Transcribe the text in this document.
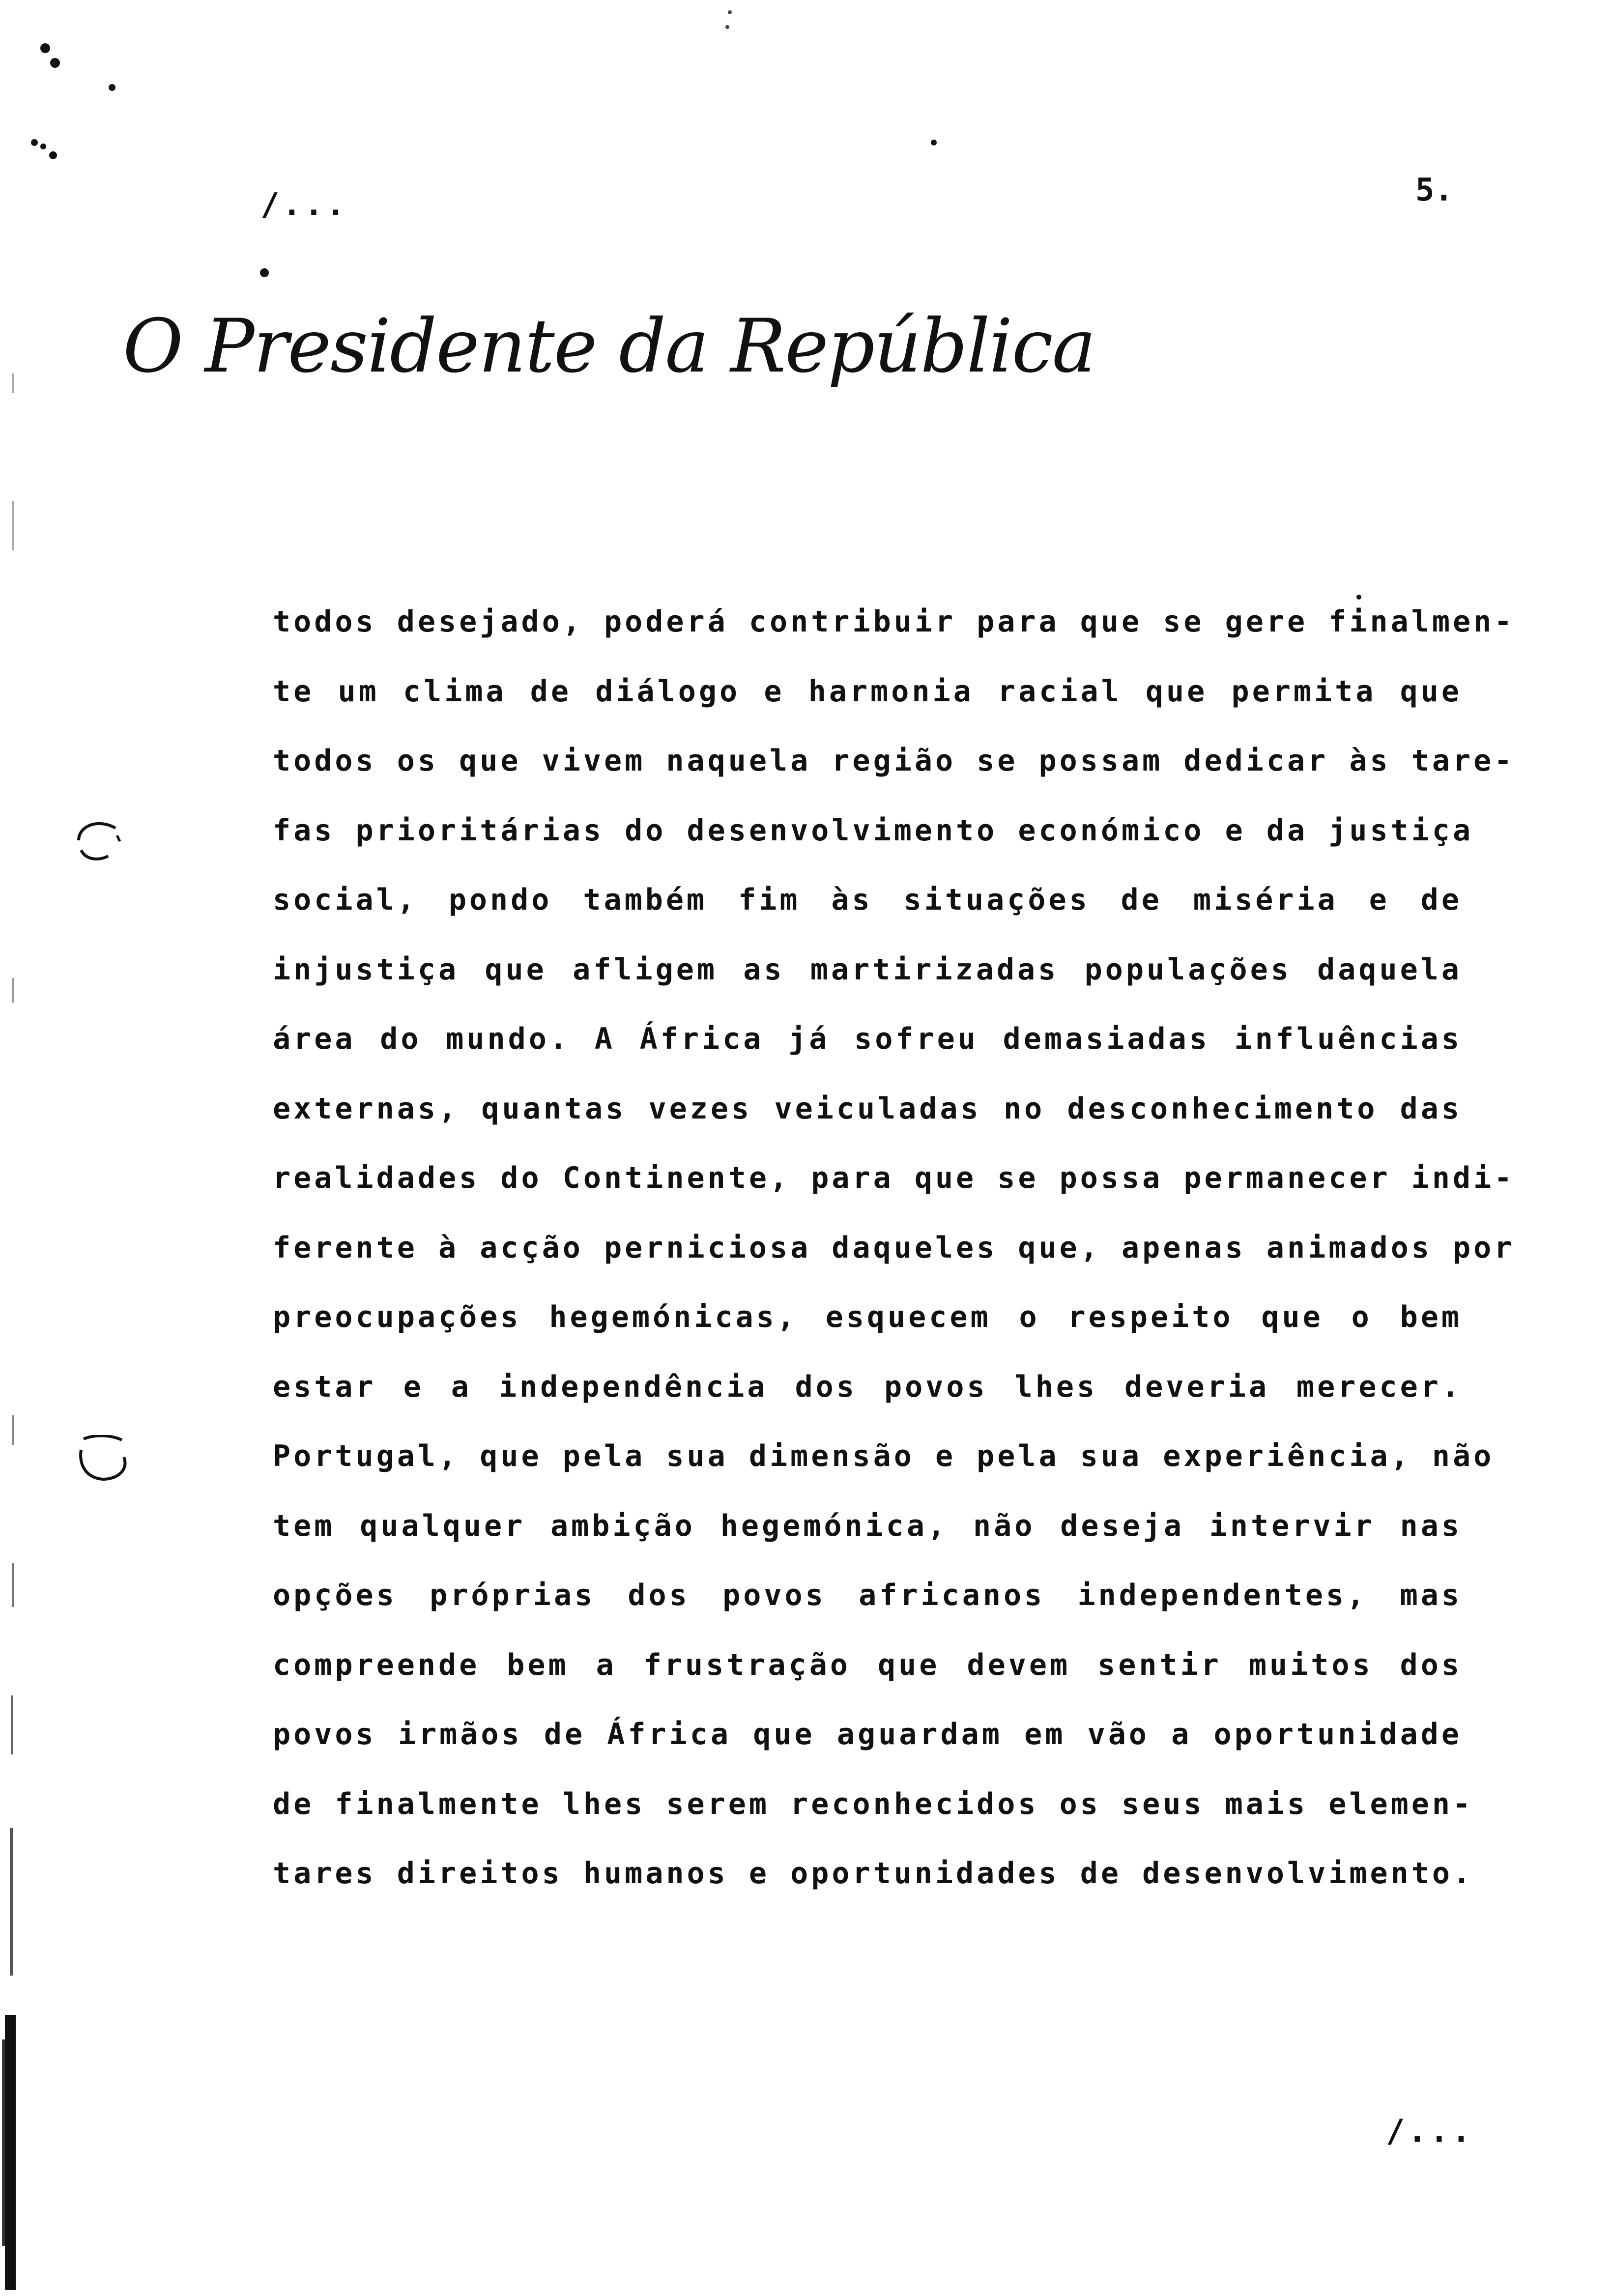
/...	5.
O Presidente da República
todos desejado, poderá contribuir para que se gere finalmen-
te um clima de diálogo e harmonia racial que permita que
todos os que vivem naquela região se possam dedicar às tare-
fas prioritárias do desenvolvimento económico e da justiça
social, pondo também fim às situações de miséria e de
injustiça que afligem as martirizadas populações daquela
área do mundo. A África já sofreu demasiadas influências
externas, quantas vezes veiculadas no desconhecimento das
realidades do Continente, para que se possa permanecer indi-
ferente à acção perniciosa daqueles que, apenas animados por
preocupações hegemónicas, esquecem o respeito que o bem
estar e a independência dos povos lhes deveria merecer.
Portugal, que pela sua dimensão e pela sua experiência, não
tem qualquer ambição hegemónica, não deseja intervir nas
opções próprias dos povos africanos independentes, mas
compreende bem a frustração que devem sentir muitos dos
povos irmãos de África que aguardam em vão a oportunidade
de finalmente lhes serem reconhecidos os seus mais elemen-
tares direitos humanos e oportunidades de desenvolvimento.
/...
